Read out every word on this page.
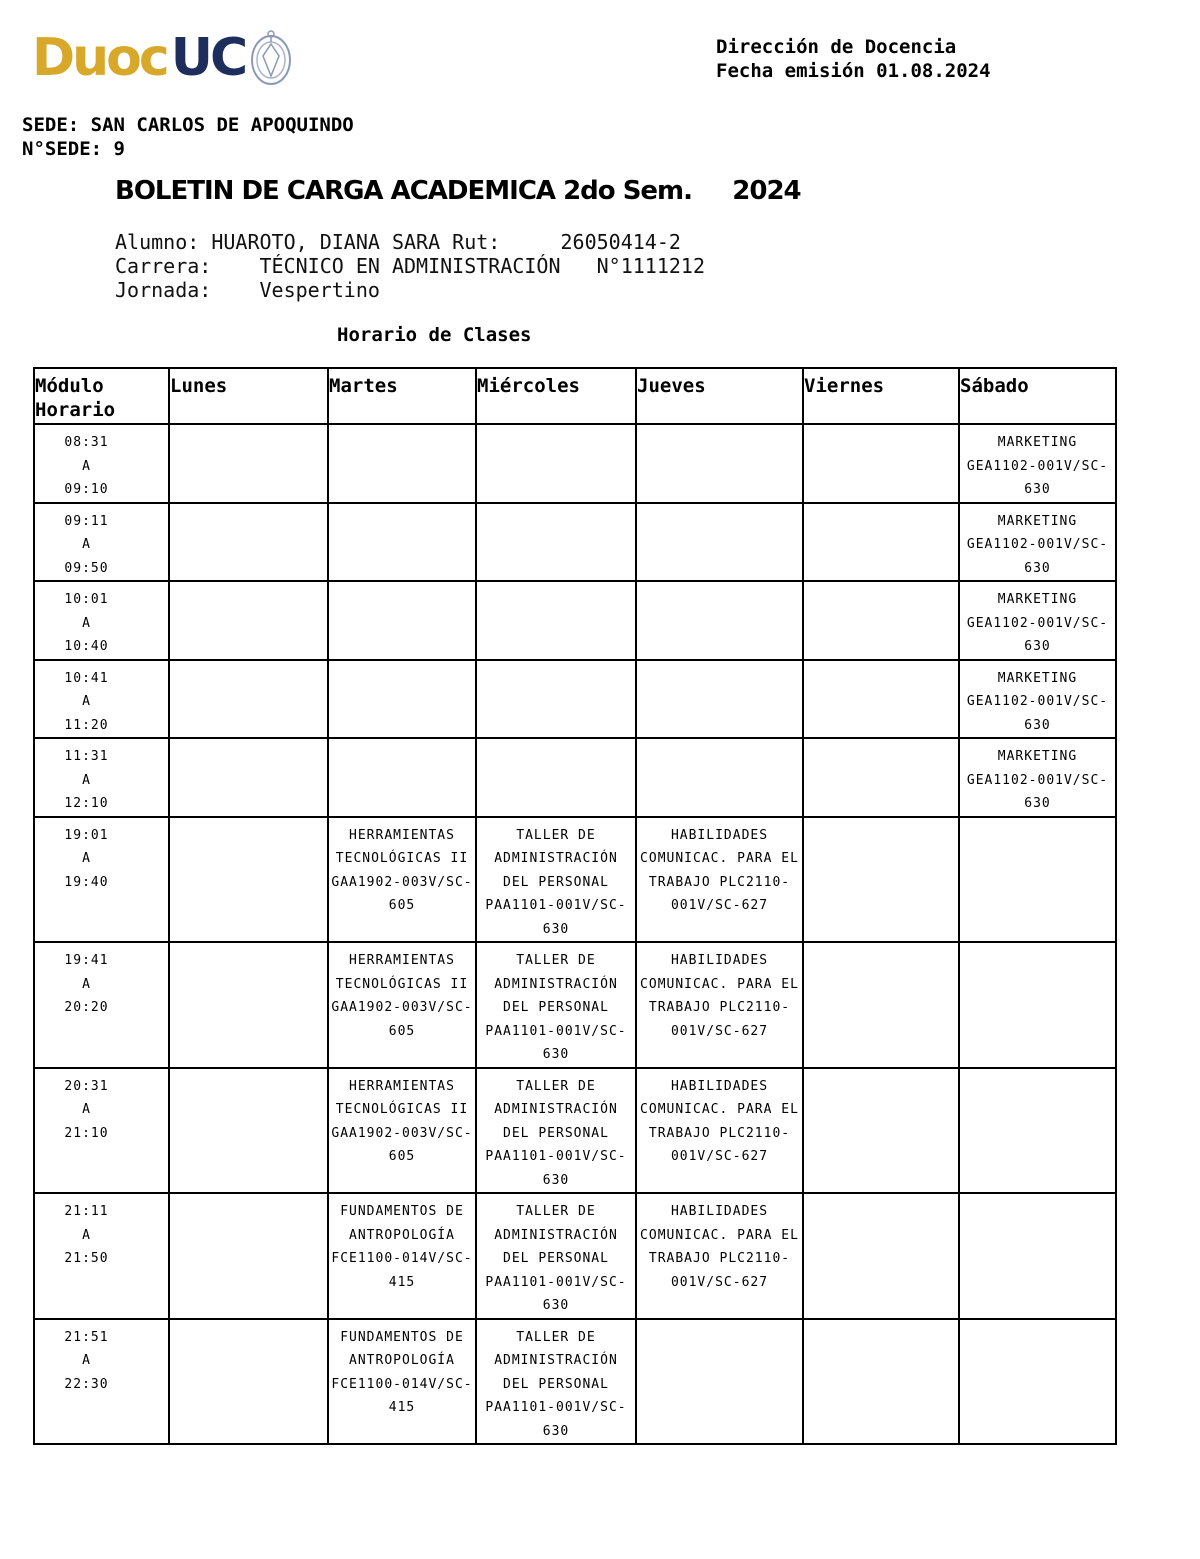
Duoc UC	Dirección de Docencia
Fecha emisión 01.08.2024
SEDE: SAN CARLOS DE APOQUINDO
N°SEDE: 9
BOLETIN DE CARGA ACADEMICA 2do Sem.     2024
Alumno: HUAROTO, DIANA SARA Rut:     26050414-2
Carrera:    TÉCNICO EN ADMINISTRACIÓN   N°1111212
Jornada:    Vespertino
Horario de Clases
Módulo Horario	Lunes	Martes	Miércoles	Jueves	Viernes	Sábado

08:31
A
09:10						MARKETING GEA1102-001V/SC-630

09:11
A
09:50						MARKETING GEA1102-001V/SC-630

10:01
A
10:40						MARKETING GEA1102-001V/SC-630

10:41
A
11:20						MARKETING GEA1102-001V/SC-630

11:31
A
12:10						MARKETING GEA1102-001V/SC-630

19:01
A
19:40		HERRAMIENTAS TECNOLÓGICAS II GAA1902-003V/SC-605	TALLER DE ADMINISTRACIÓN DEL PERSONAL PAA1101-001V/SC-630	HABILIDADES COMUNICAC. PARA EL TRABAJO PLC2110-001V/SC-627		

19:41
A
20:20		HERRAMIENTAS TECNOLÓGICAS II GAA1902-003V/SC-605	TALLER DE ADMINISTRACIÓN DEL PERSONAL PAA1101-001V/SC-630	HABILIDADES COMUNICAC. PARA EL TRABAJO PLC2110-001V/SC-627		

20:31
A
21:10		HERRAMIENTAS TECNOLÓGICAS II GAA1902-003V/SC-605	TALLER DE ADMINISTRACIÓN DEL PERSONAL PAA1101-001V/SC-630	HABILIDADES COMUNICAC. PARA EL TRABAJO PLC2110-001V/SC-627		

21:11
A
21:50		FUNDAMENTOS DE ANTROPOLOGÍA FCE1100-014V/SC-415	TALLER DE ADMINISTRACIÓN DEL PERSONAL PAA1101-001V/SC-630	HABILIDADES COMUNICAC. PARA EL TRABAJO PLC2110-001V/SC-627		

21:51
A
22:30		FUNDAMENTOS DE ANTROPOLOGÍA FCE1100-014V/SC-415	TALLER DE ADMINISTRACIÓN DEL PERSONAL PAA1101-001V/SC-630			
